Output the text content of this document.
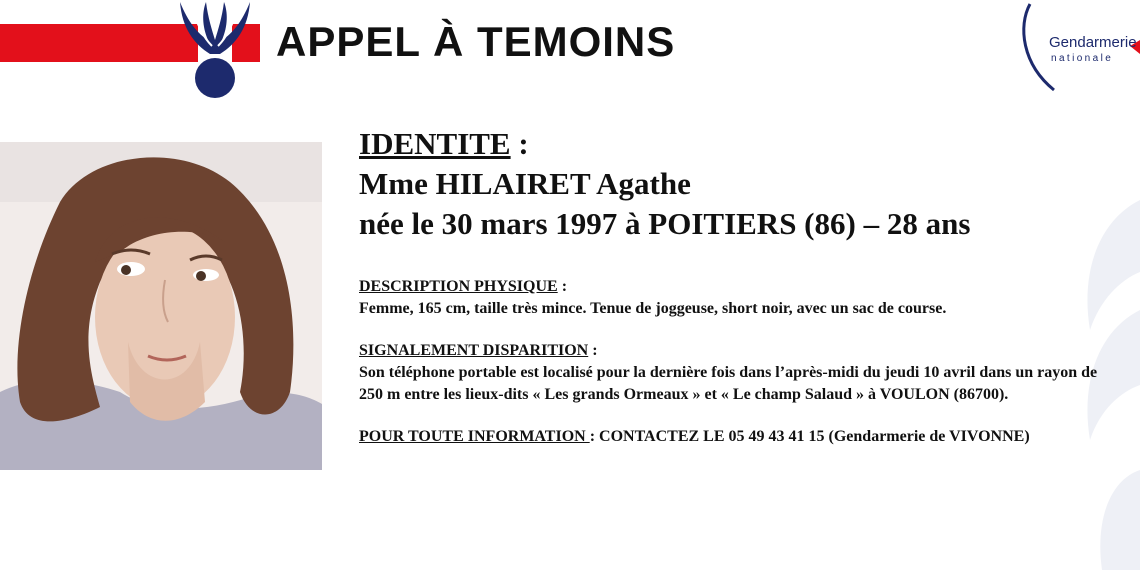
APPEL À TEMOINS	Gendarmerie
nationale

IDENTITE :

Mme HILAIRET Agathe

née le 30 mars 1997 à POITIERS (86) – 28 ans

DESCRIPTION PHYSIQUE :

Femme, 165 cm, taille très mince. Tenue de joggeuse, short noir, avec un sac de course.

SIGNALEMENT DISPARITION :

Son téléphone portable est localisé pour la dernière fois dans l’après-midi du jeudi 10 avril dans un rayon de 250 m entre les lieux-dits « Les grands Ormeaux » et « Le champ Salaud » à VOULON (86700).

POUR TOUTE INFORMATION : CONTACTEZ LE 05 49 43 41 15 (Gendarmerie de VIVONNE)
